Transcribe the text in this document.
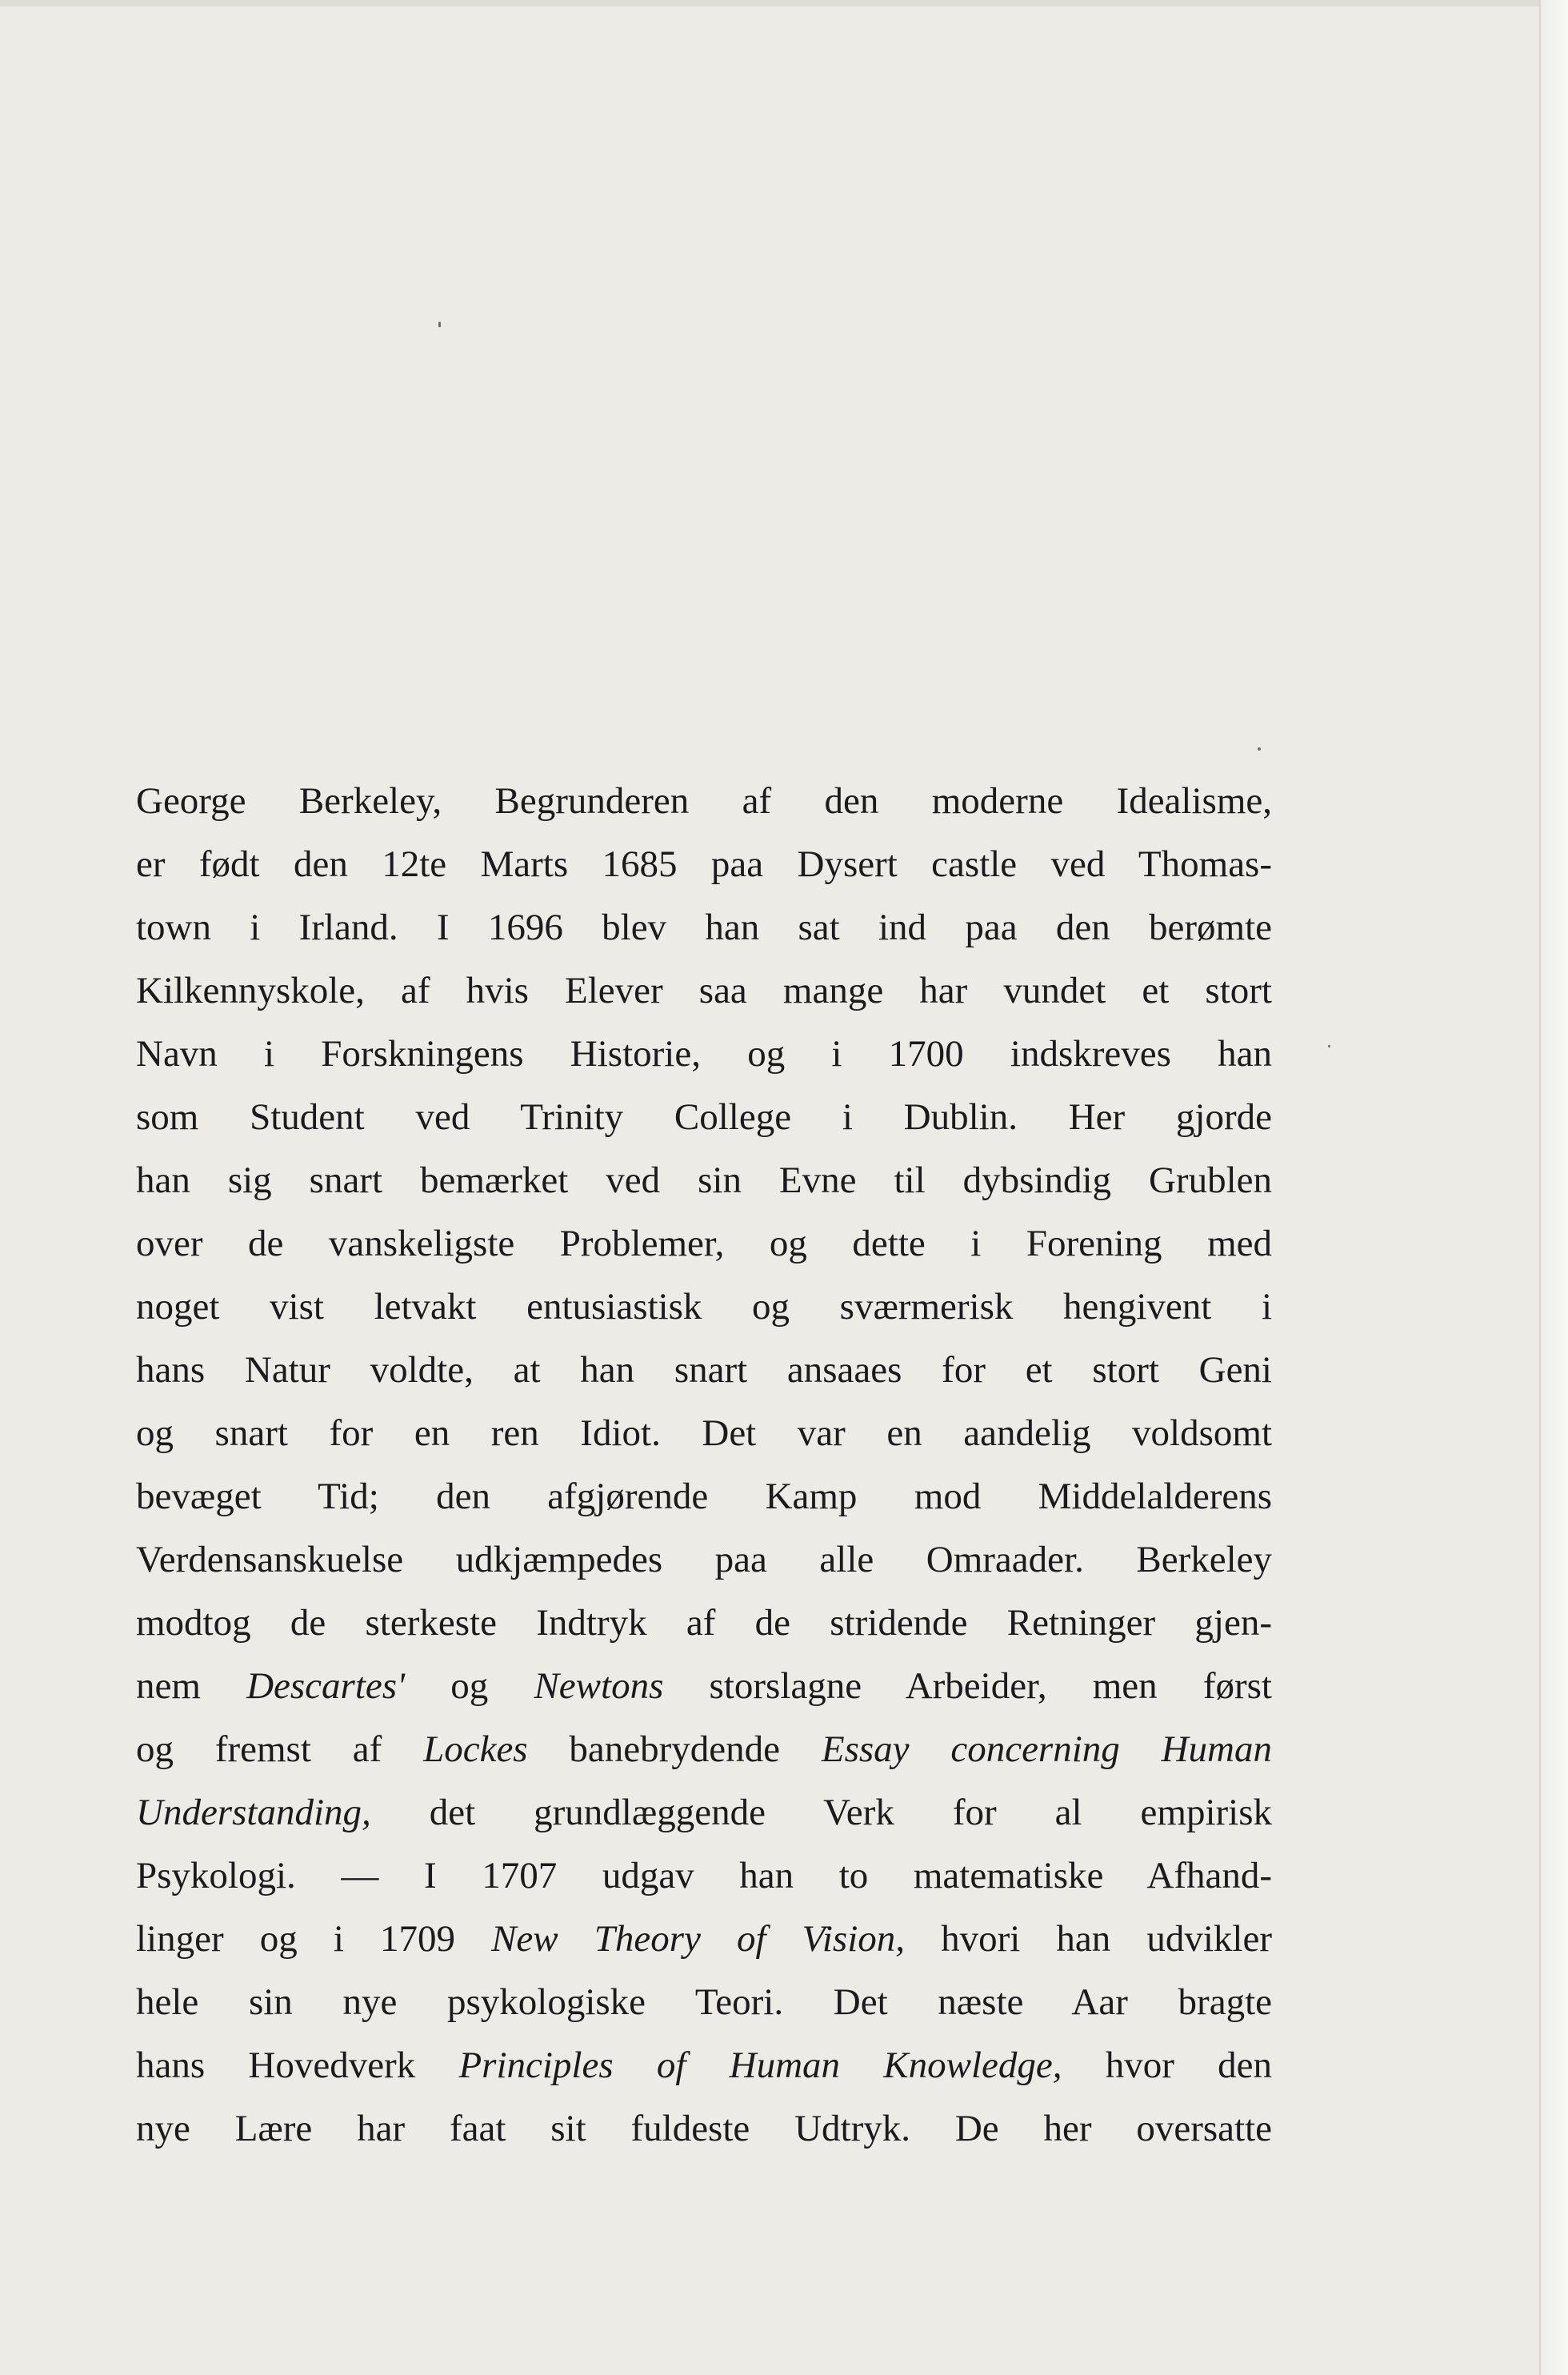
George Berkeley, Begrunderen af den moderne Idealisme,
er født den 12te Marts 1685 paa Dysert castle ved Thomas-
town i Irland. I 1696 blev han sat ind paa den berømte
Kilkennyskole, af hvis Elever saa mange har vundet et stort
Navn i Forskningens Historie, og i 1700 indskreves han
som Student ved Trinity College i Dublin. Her gjorde
han sig snart bemærket ved sin Evne til dybsindig Grublen
over de vanskeligste Problemer, og dette i Forening med
noget vist letvakt entusiastisk og sværmerisk hengivent i
hans Natur voldte, at han snart ansaaes for et stort Geni
og snart for en ren Idiot. Det var en aandelig voldsomt
bevæget Tid; den afgjørende Kamp mod Middelalderens
Verdensanskuelse udkjæmpedes paa alle Omraader. Berkeley
modtog de sterkeste Indtryk af de stridende Retninger gjen-
nem Descartes' og Newtons storslagne Arbeider, men først
og fremst af Lockes banebrydende Essay concerning Human
Understanding, det grundlæggende Verk for al empirisk
Psykologi. — I 1707 udgav han to matematiske Afhand-
linger og i 1709 New Theory of Vision, hvori han udvikler
hele sin nye psykologiske Teori. Det næste Aar bragte
hans Hovedverk Principles of Human Knowledge, hvor den
nye Lære har faat sit fuldeste Udtryk. De her oversatte
